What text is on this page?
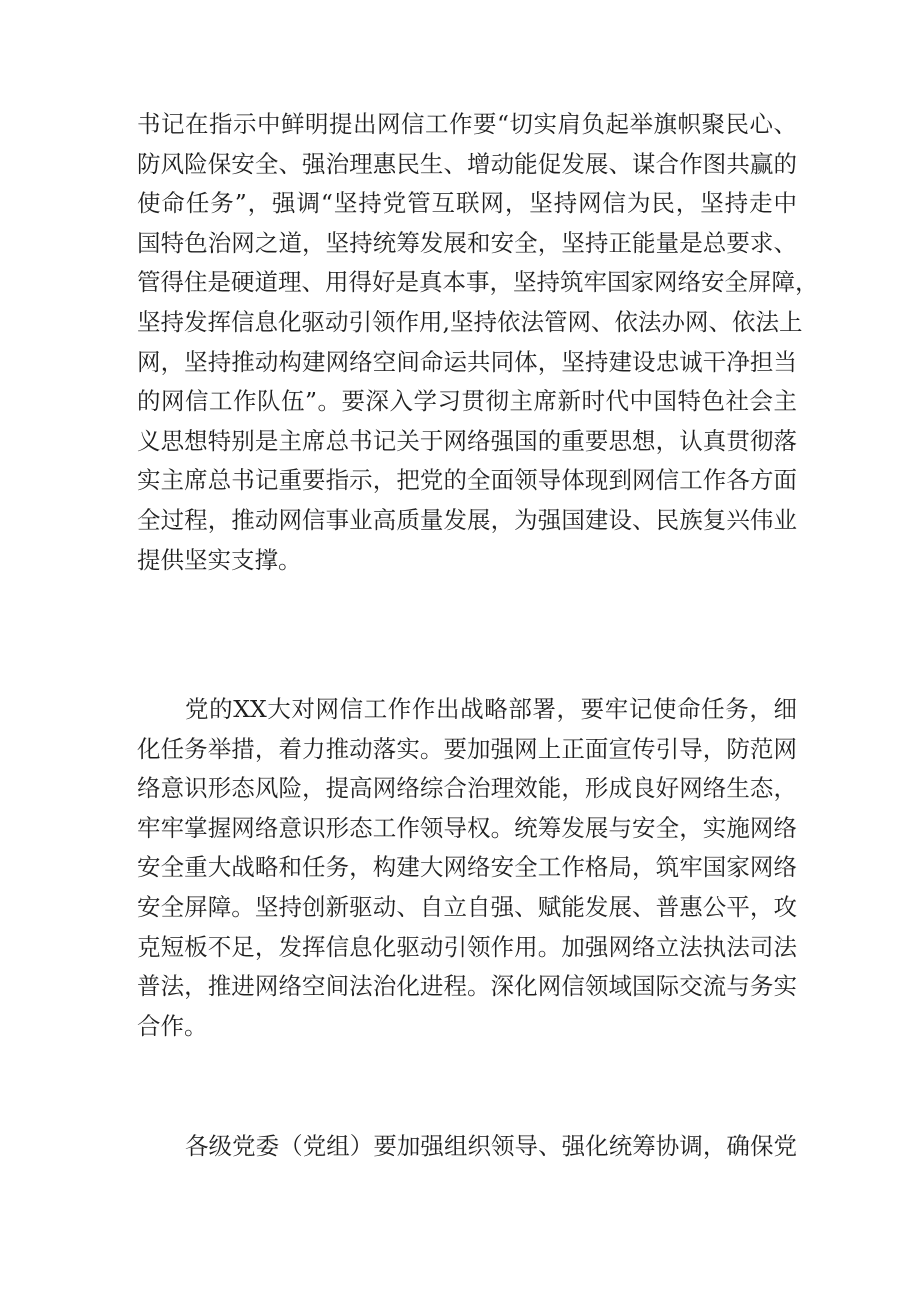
书记在指示中鲜明提出网信工作要“切实肩负起举旗帜聚民心、
防风险保安全、强治理惠民生、增动能促发展、谋合作图共赢的
使命任务”，强调“坚持党管互联网，坚持网信为民，坚持走中
国特色治网之道，坚持统筹发展和安全，坚持正能量是总要求、
管得住是硬道理、用得好是真本事，坚持筑牢国家网络安全屏障，
坚持发挥信息化驱动引领作用,坚持依法管网、依法办网、依法上
网，坚持推动构建网络空间命运共同体，坚持建设忠诚干净担当
的网信工作队伍”。要深入学习贯彻主席新时代中国特色社会主
义思想特别是主席总书记关于网络强国的重要思想，认真贯彻落
实主席总书记重要指示，把党的全面领导体现到网信工作各方面
全过程，推动网信事业高质量发展，为强国建设、民族复兴伟业
提供坚实支撑。
党的XX大对网信工作作出战略部署，要牢记使命任务，细
化任务举措，着力推动落实。要加强网上正面宣传引导，防范网
络意识形态风险，提高网络综合治理效能，形成良好网络生态，
牢牢掌握网络意识形态工作领导权。统筹发展与安全，实施网络
安全重大战略和任务，构建大网络安全工作格局，筑牢国家网络
安全屏障。坚持创新驱动、自立自强、赋能发展、普惠公平，攻
克短板不足，发挥信息化驱动引领作用。加强网络立法执法司法
普法，推进网络空间法治化进程。深化网信领域国际交流与务实
合作。
各级党委（党组）要加强组织领导、强化统筹协调，确保党
